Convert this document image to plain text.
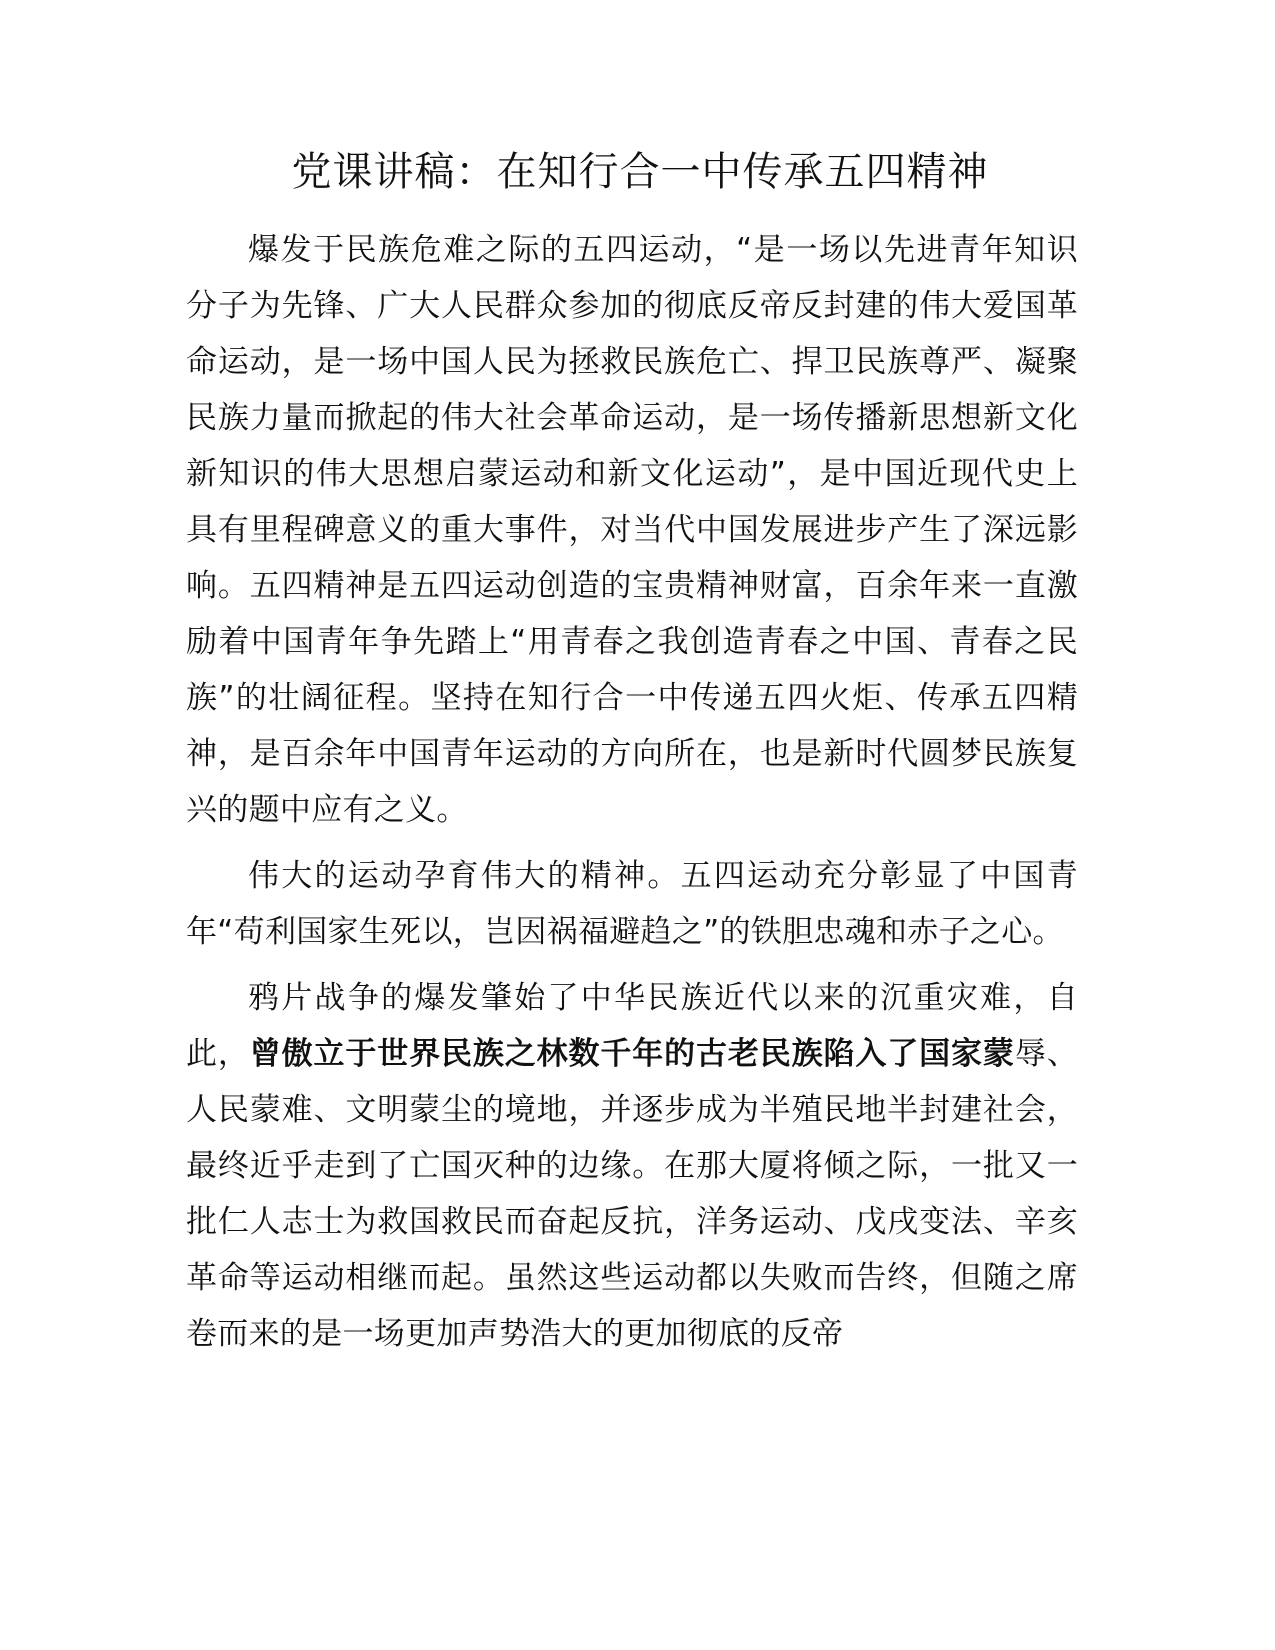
党课讲稿：在知行合一中传承五四精神

爆发于民族危难之际的五四运动，“是一场以先进青年知识分子为先锋、广大人民群众参加的彻底反帝反封建的伟大爱国革命运动，是一场中国人民为拯救民族危亡、捍卫民族尊严、凝聚民族力量而掀起的伟大社会革命运动，是一场传播新思想新文化新知识的伟大思想启蒙运动和新文化运动”，是中国近现代史上具有里程碑意义的重大事件，对当代中国发展进步产生了深远影响。五四精神是五四运动创造的宝贵精神财富，百余年来一直激励着中国青年争先踏上“用青春之我创造青春之中国、青春之民族”的壮阔征程。坚持在知行合一中传递五四火炬、传承五四精神，是百余年中国青年运动的方向所在，也是新时代圆梦民族复兴的题中应有之义。

伟大的运动孕育伟大的精神。五四运动充分彰显了中国青年“苟利国家生死以，岂因祸福避趋之”的铁胆忠魂和赤子之心。

鸦片战争的爆发肇始了中华民族近代以来的沉重灾难，自此，曾傲立于世界民族之林数千年的古老民族陷入了国家蒙辱、人民蒙难、文明蒙尘的境地，并逐步成为半殖民地半封建社会，最终近乎走到了亡国灭种的边缘。在那大厦将倾之际，一批又一批仁人志士为救国救民而奋起反抗，洋务运动、戊戌变法、辛亥革命等运动相继而起。虽然这些运动都以失败而告终，但随之席卷而来的是一场更加声势浩大的更加彻底的反帝
